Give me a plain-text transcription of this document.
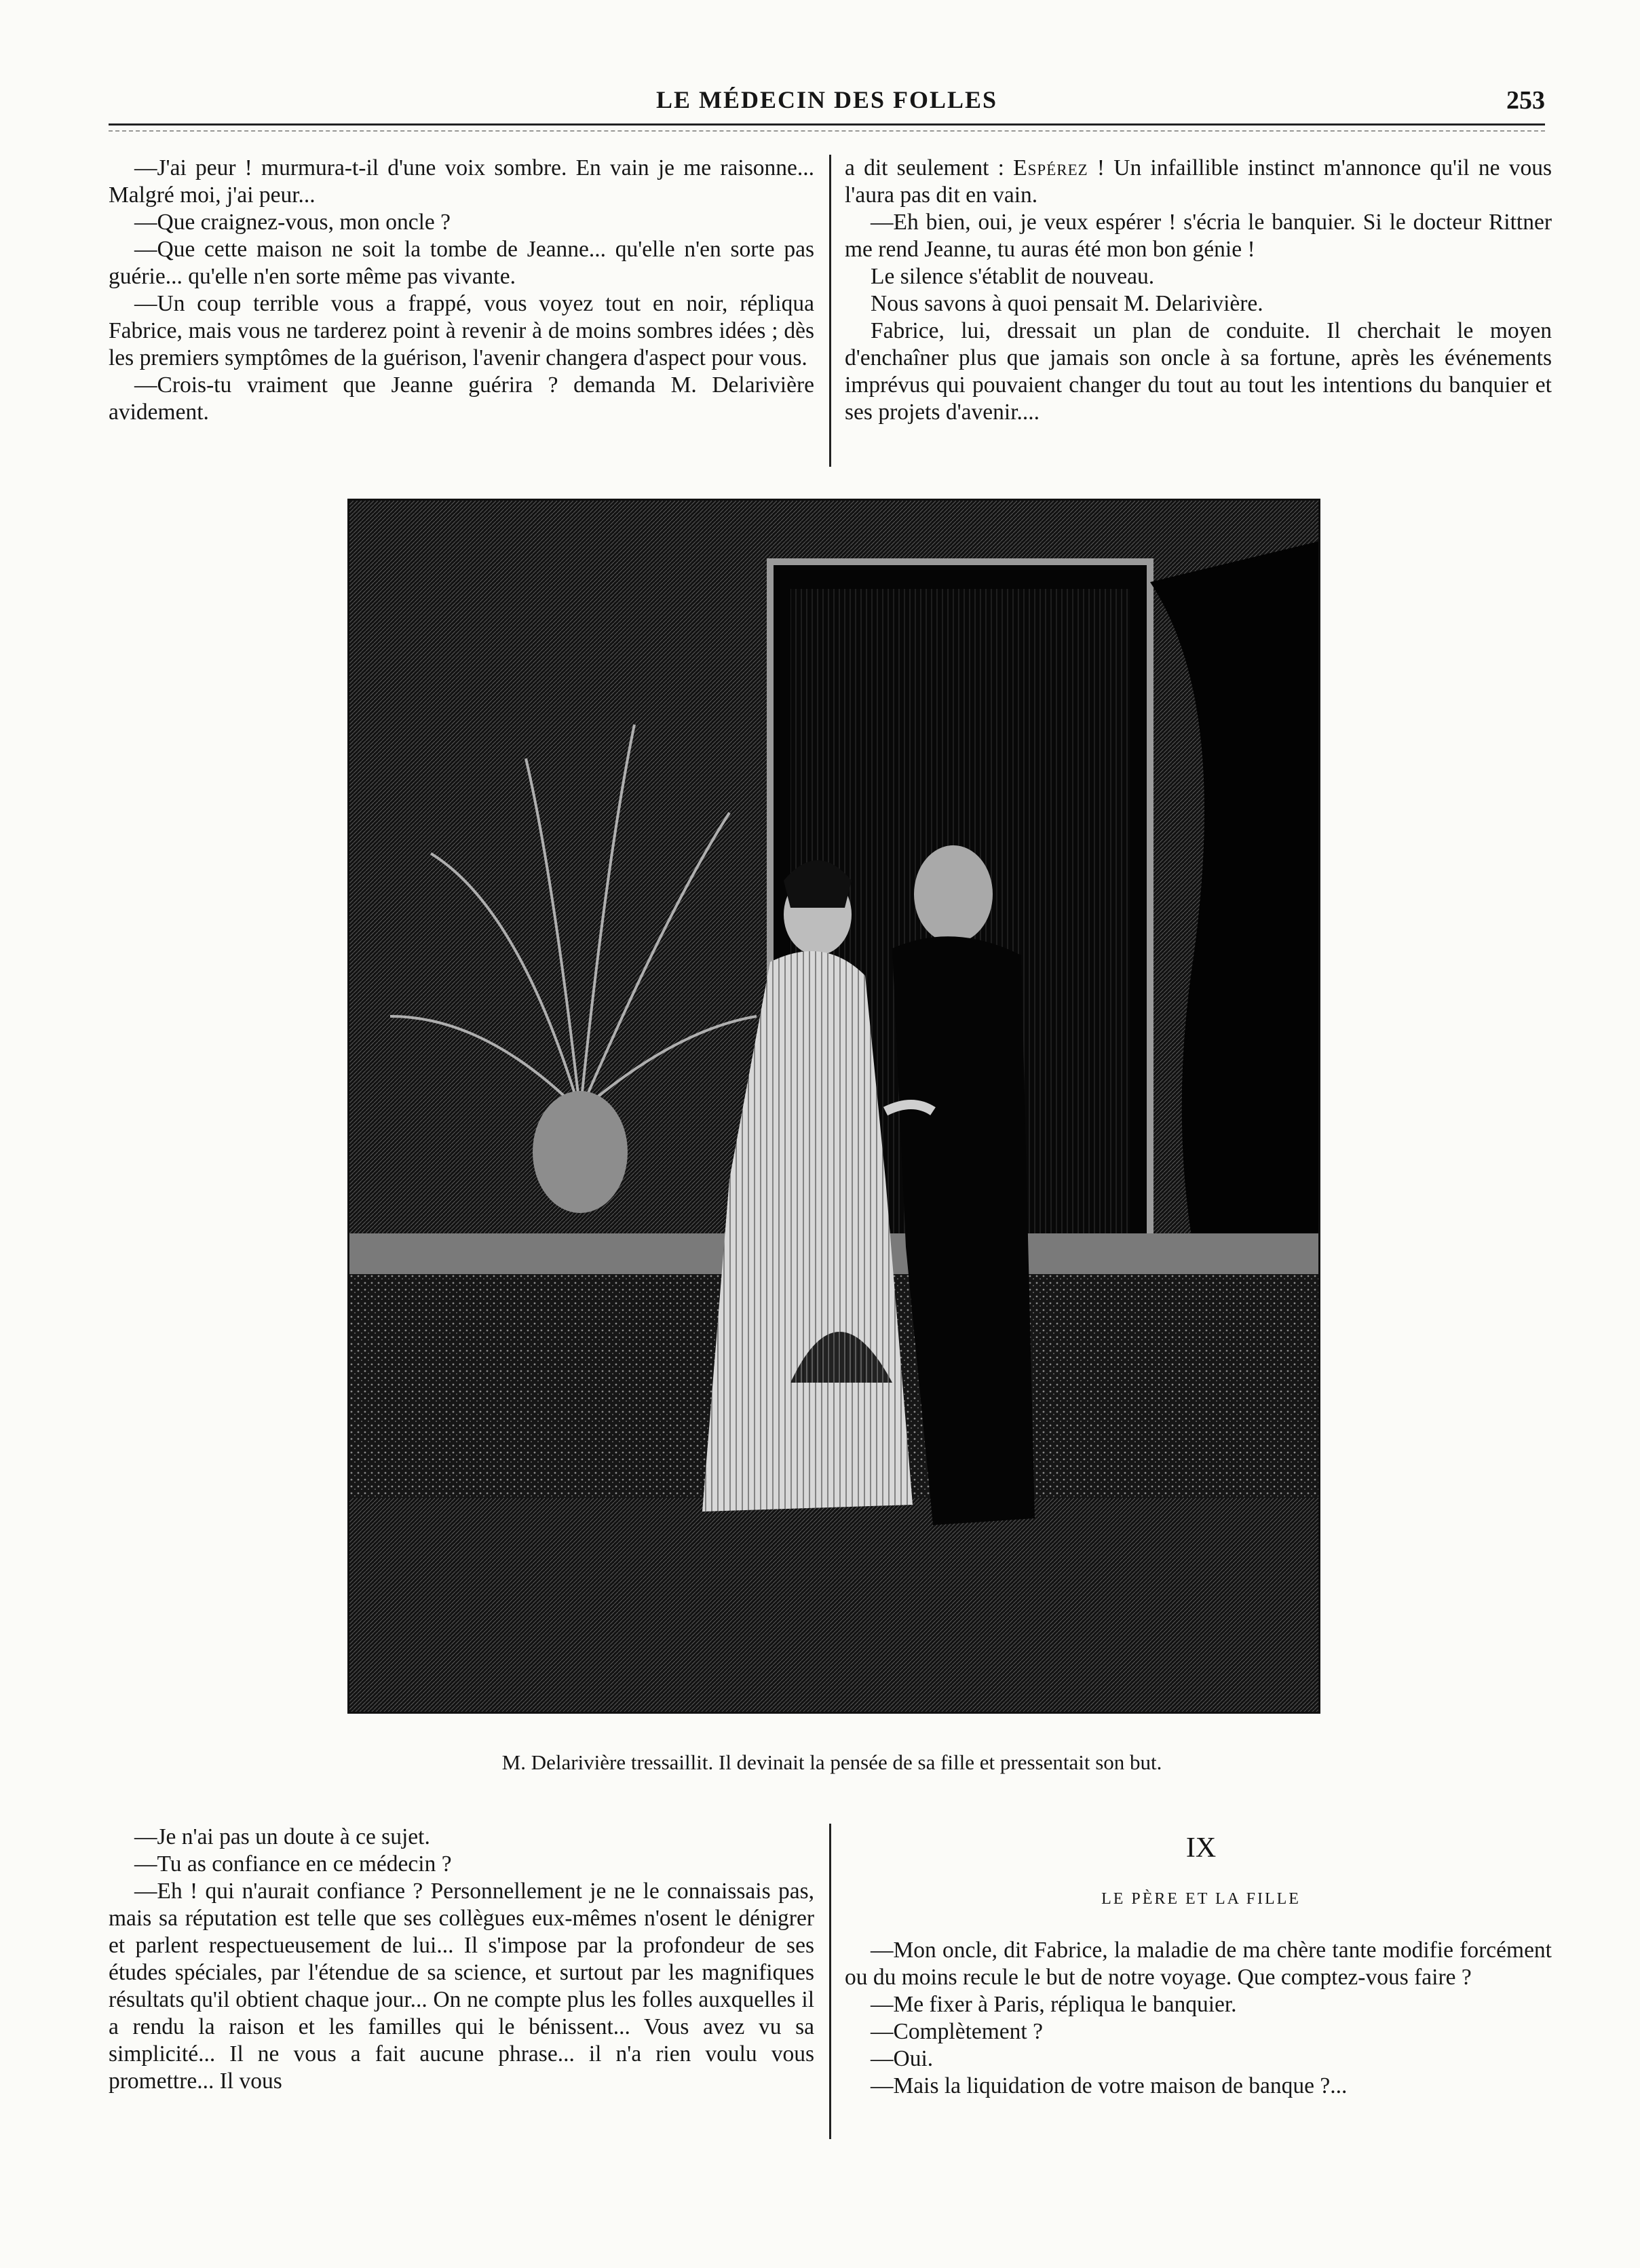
LE MÉDECIN DES FOLLES	253

—J'ai peur ! murmura-t-il d'une voix sombre. En vain je me raisonne... Malgré moi, j'ai peur...

—Que craignez-vous, mon oncle ?

—Que cette maison ne soit la tombe de Jeanne... qu'elle n'en sorte pas guérie... qu'elle n'en sorte même pas vivante.

—Un coup terrible vous a frappé, vous voyez tout en noir, répliqua Fabrice, mais vous ne tarderez point à revenir à de moins sombres idées ; dès les premiers symptômes de la guérison, l'avenir changera d'aspect pour vous.

—Crois-tu vraiment que Jeanne guérira ? demanda M. Delarivière avidement.

a dit seulement : Espérez ! Un infaillible instinct m'annonce qu'il ne vous l'aura pas dit en vain.

—Eh bien, oui, je veux espérer ! s'écria le banquier. Si le docteur Rittner me rend Jeanne, tu auras été mon bon génie !

Le silence s'établit de nouveau.

Nous savons à quoi pensait M. Delarivière.

Fabrice, lui, dressait un plan de conduite. Il cherchait le moyen d'enchaîner plus que jamais son oncle à sa fortune, après les événements imprévus qui pouvaient changer du tout au tout les intentions du banquier et ses projets d'avenir....

M. Delarivière tressaillit. Il devinait la pensée de sa fille et pressentait son but.

—Je n'ai pas un doute à ce sujet.

—Tu as confiance en ce médecin ?

—Eh ! qui n'aurait confiance ? Personnellement je ne le connaissais pas, mais sa réputation est telle que ses collègues eux-mêmes n'osent le dénigrer et parlent respectueusement de lui... Il s'impose par la profondeur de ses études spéciales, par l'étendue de sa science, et surtout par les magnifiques résultats qu'il obtient chaque jour... On ne compte plus les folles auxquelles il a rendu la raison et les familles qui le bénissent... Vous avez vu sa simplicité... Il ne vous a fait aucune phrase... il n'a rien voulu vous promettre... Il vous

IX
LE PÈRE ET LA FILLE

—Mon oncle, dit Fabrice, la maladie de ma chère tante modifie forcément ou du moins recule le but de notre voyage. Que comptez-vous faire ?

—Me fixer à Paris, répliqua le banquier.

—Complètement ?

—Oui.

—Mais la liquidation de votre maison de banque ?...
